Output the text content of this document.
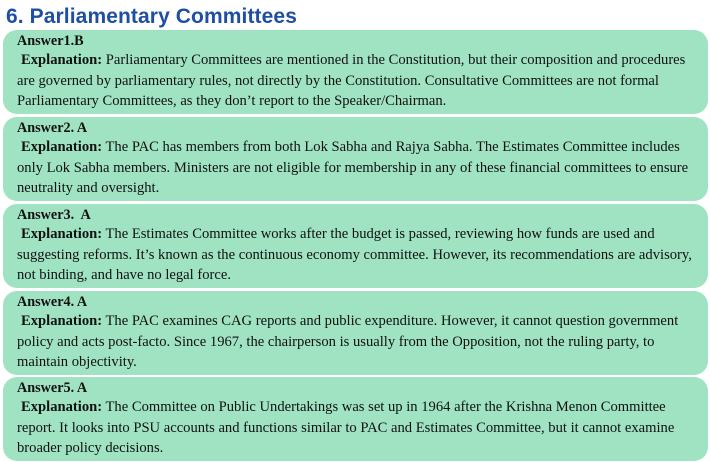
6. Parliamentary Committees
Answer1.B

Explanation: Parliamentary Committees are mentioned in the Constitution, but their composition and procedures are governed by parliamentary rules, not directly by the Constitution. Consultative Committees are not formal Parliamentary Committees, as they don’t report to the Speaker/Chairman.

Answer2. A

Explanation: The PAC has members from both Lok Sabha and Rajya Sabha. The Estimates Committee includes only Lok Sabha members. Ministers are not eligible for membership in any of these financial committees to ensure neutrality and oversight.

Answer3.  A

Explanation: The Estimates Committee works after the budget is passed, reviewing how funds are used and suggesting reforms. It’s known as the continuous economy committee. However, its recommendations are advisory, not binding, and have no legal force.

Answer4. A

Explanation: The PAC examines CAG reports and public expenditure. However, it cannot question government policy and acts post-facto. Since 1967, the chairperson is usually from the Opposition, not the ruling party, to maintain objectivity.

Answer5. A

Explanation: The Committee on Public Undertakings was set up in 1964 after the Krishna Menon Committee report. It looks into PSU accounts and functions similar to PAC and Estimates Committee, but it cannot examine broader policy decisions.
